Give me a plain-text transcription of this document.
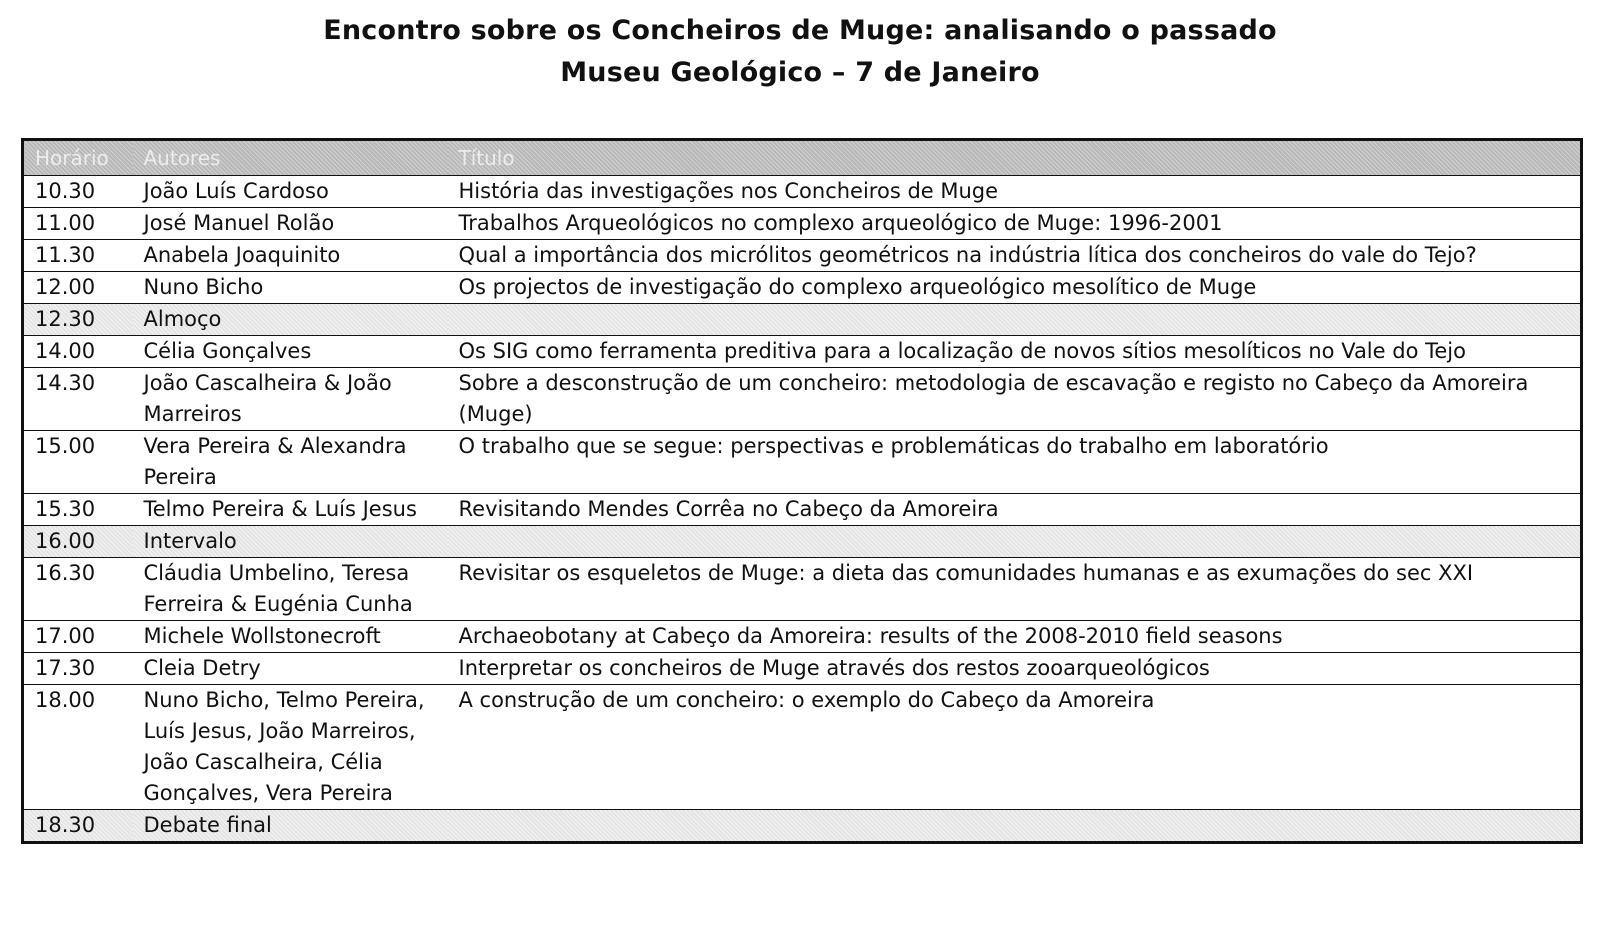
Encontro sobre os Concheiros de Muge: analisando o passado
Museu Geológico – 7 de Janeiro
Horário	Autores	Título
10.30	João Luís Cardoso	História das investigações nos Concheiros de Muge
11.00	José Manuel Rolão	Trabalhos Arqueológicos no complexo arqueológico de Muge: 1996-2001
11.30	Anabela Joaquinito	Qual a importância dos micrólitos geométricos na indústria lítica dos concheiros do vale do Tejo?
12.00	Nuno Bicho	Os projectos de investigação do complexo arqueológico mesolítico de Muge
12.30	Almoço	
14.00	Célia Gonçalves	Os SIG como ferramenta preditiva para a localização de novos sítios mesolíticos no Vale do Tejo
14.30	João Cascalheira & João Marreiros	Sobre a desconstrução de um concheiro: metodologia de escavação e registo no Cabeço da Amoreira (Muge)
15.00	Vera Pereira & Alexandra Pereira	O trabalho que se segue: perspectivas e problemáticas do trabalho em laboratório
15.30	Telmo Pereira & Luís Jesus	Revisitando Mendes Corrêa no Cabeço da Amoreira
16.00	Intervalo	
16.30	Cláudia Umbelino, Teresa Ferreira & Eugénia Cunha	Revisitar os esqueletos de Muge: a dieta das comunidades humanas e as exumações do sec XXI
17.00	Michele Wollstonecroft	Archaeobotany at Cabeço da Amoreira: results of the 2008-2010 field seasons
17.30	Cleia Detry	Interpretar os concheiros de Muge através dos restos zooarqueológicos
18.00	Nuno Bicho, Telmo Pereira, Luís Jesus, João Marreiros, João Cascalheira, Célia Gonçalves, Vera Pereira	A construção de um concheiro: o exemplo do Cabeço da Amoreira
18.30	Debate final	
